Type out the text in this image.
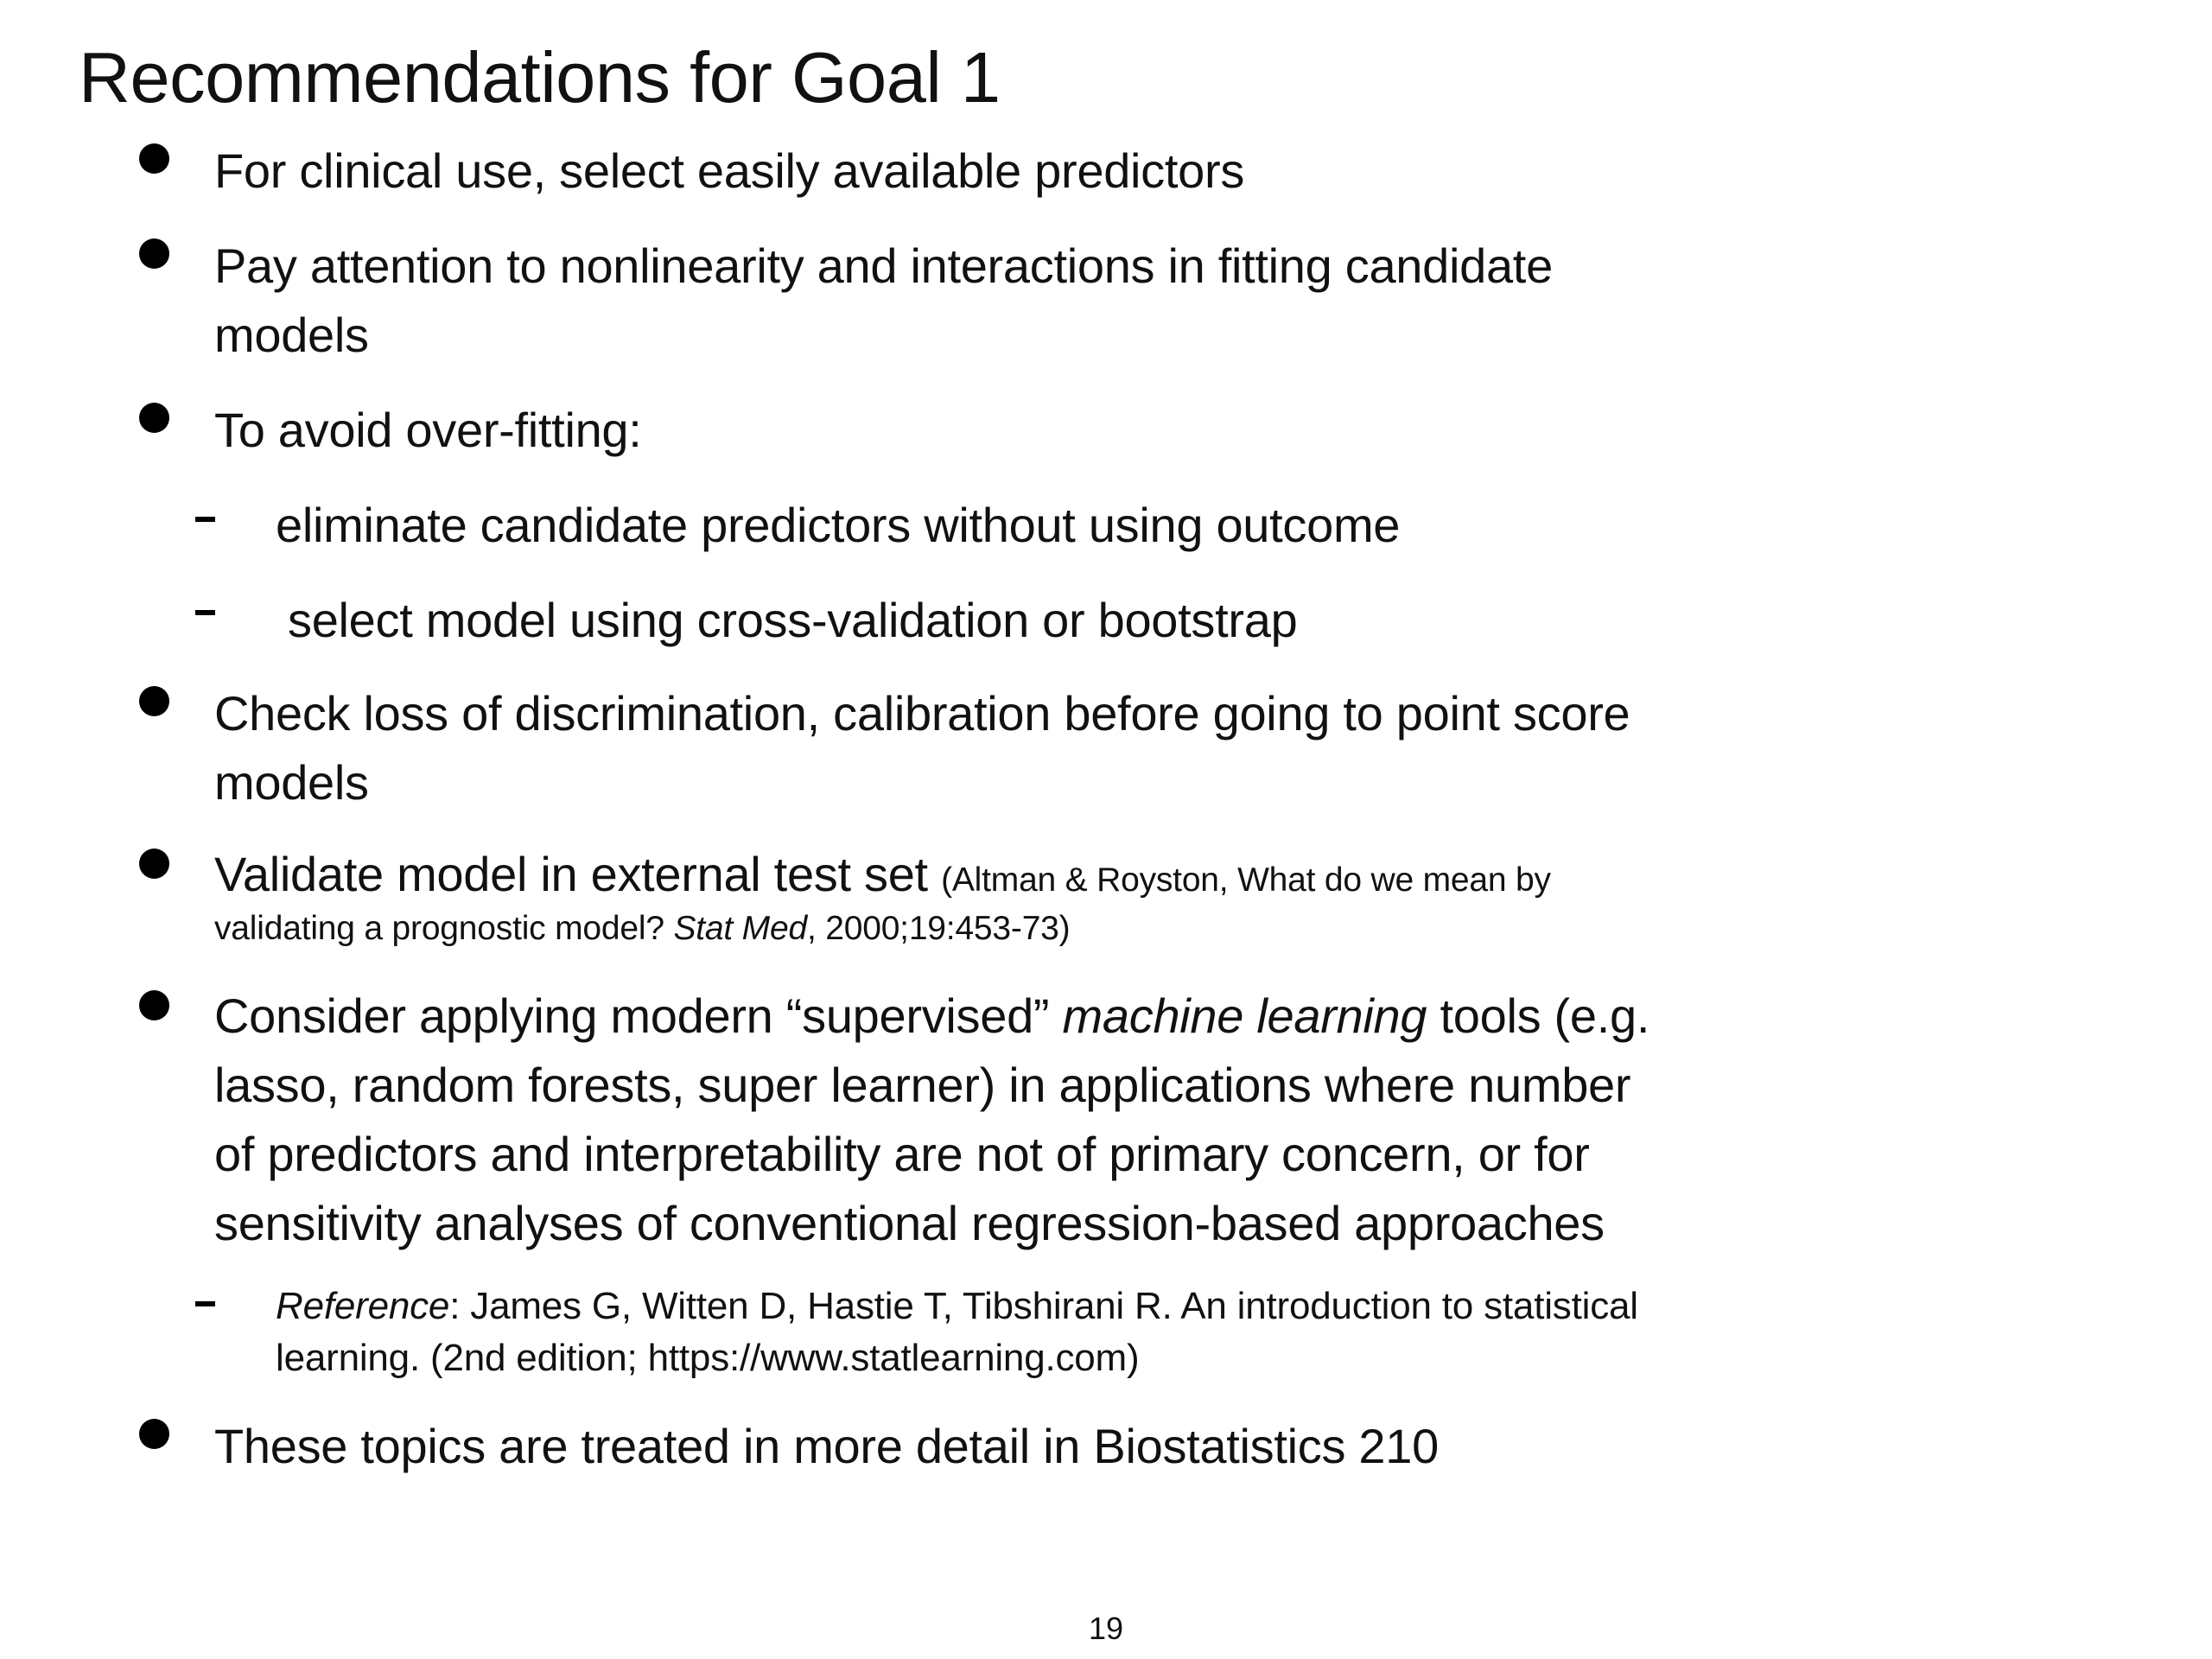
Recommendations for Goal 1
For clinical use, select easily available predictors
Pay attention to nonlinearity and interactions in fitting candidate
models
To avoid over-fitting:
eliminate candidate predictors without using outcome
select model using cross-validation or bootstrap
Check loss of discrimination, calibration before going to point score
models
Validate model in external test set (Altman & Royston, What do we mean by
validating a prognostic model? Stat Med, 2000;19:453-73)
Consider applying modern “supervised” machine learning tools (e.g.
lasso, random forests, super learner) in applications where number
of predictors and interpretability are not of primary concern, or for
sensitivity analyses of conventional regression-based approaches
Reference: James G, Witten D, Hastie T, Tibshirani R. An introduction to statistical
learning. (2nd edition; https://www.statlearning.com)
These topics are treated in more detail in Biostatistics 210
19
